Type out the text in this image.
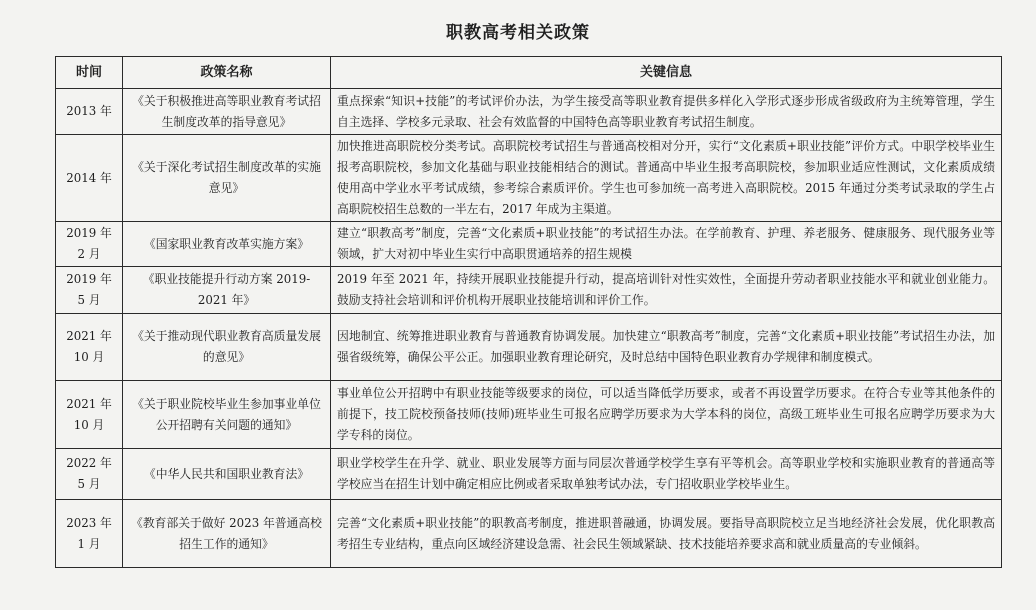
职教高考相关政策
时间	政策名称	关键信息
2013 年	《关于积极推进高等职业教育考试招生制度改革的指导意见》	重点探索“知识+技能”的考试评价办法，为学生接受高等职业教育提供多样化入学形式逐步形成省级政府为主统筹管理，学生自主选择、学校多元录取、社会有效监督的中国特色高等职业教育考试招生制度。
2014 年	《关于深化考试招生制度改革的实施意见》	加快推进高职院校分类考试。高职院校考试招生与普通高校相对分开，实行“文化素质+职业技能”评价方式。中职学校毕业生报考高职院校，参加文化基础与职业技能相结合的测试。普通高中毕业生报考高职院校，参加职业适应性测试，文化素质成绩使用高中学业水平考试成绩，参考综合素质评价。学生也可参加统一高考进入高职院校。2015 年通过分类考试录取的学生占高职院校招生总数的一半左右，2017 年成为主渠道。
2019 年 2 月	《国家职业教育改革实施方案》	建立“职教高考”制度，完善“文化素质+职业技能”的考试招生办法。在学前教育、护理、养老服务、健康服务、现代服务业等领域，扩大对初中毕业生实行中高职贯通培养的招生规模
2019 年 5 月	《职业技能提升行动方案 2019-2021 年》	2019 年至 2021 年，持续开展职业技能提升行动，提高培训针对性实效性，全面提升劳动者职业技能水平和就业创业能力。鼓励支持社会培训和评价机构开展职业技能培训和评价工作。
2021 年 10 月	《关于推动现代职业教育高质量发展的意见》	因地制宜、统筹推进职业教育与普通教育协调发展。加快建立“职教高考”制度，完善“文化素质+职业技能”考试招生办法，加强省级统筹，确保公平公正。加强职业教育理论研究，及时总结中国特色职业教育办学规律和制度模式。
2021 年 10 月	《关于职业院校毕业生参加事业单位公开招聘有关问题的通知》	事业单位公开招聘中有职业技能等级要求的岗位，可以适当降低学历要求，或者不再设置学历要求。在符合专业等其他条件的前提下，技工院校预备技师(技师)班毕业生可报名应聘学历要求为大学本科的岗位，高级工班毕业生可报名应聘学历要求为大学专科的岗位。
2022 年 5 月	《中华人民共和国职业教育法》	职业学校学生在升学、就业、职业发展等方面与同层次普通学校学生享有平等机会。高等职业学校和实施职业教育的普通高等学校应当在招生计划中确定相应比例或者采取单独考试办法，专门招收职业学校毕业生。
2023 年 1 月	《教育部关于做好 2023 年普通高校招生工作的通知》	完善“文化素质+职业技能”的职教高考制度，推进职普融通，协调发展。要指导高职院校立足当地经济社会发展，优化职教高考招生专业结构，重点向区域经济建设急需、社会民生领域紧缺、技术技能培养要求高和就业质量高的专业倾斜。
